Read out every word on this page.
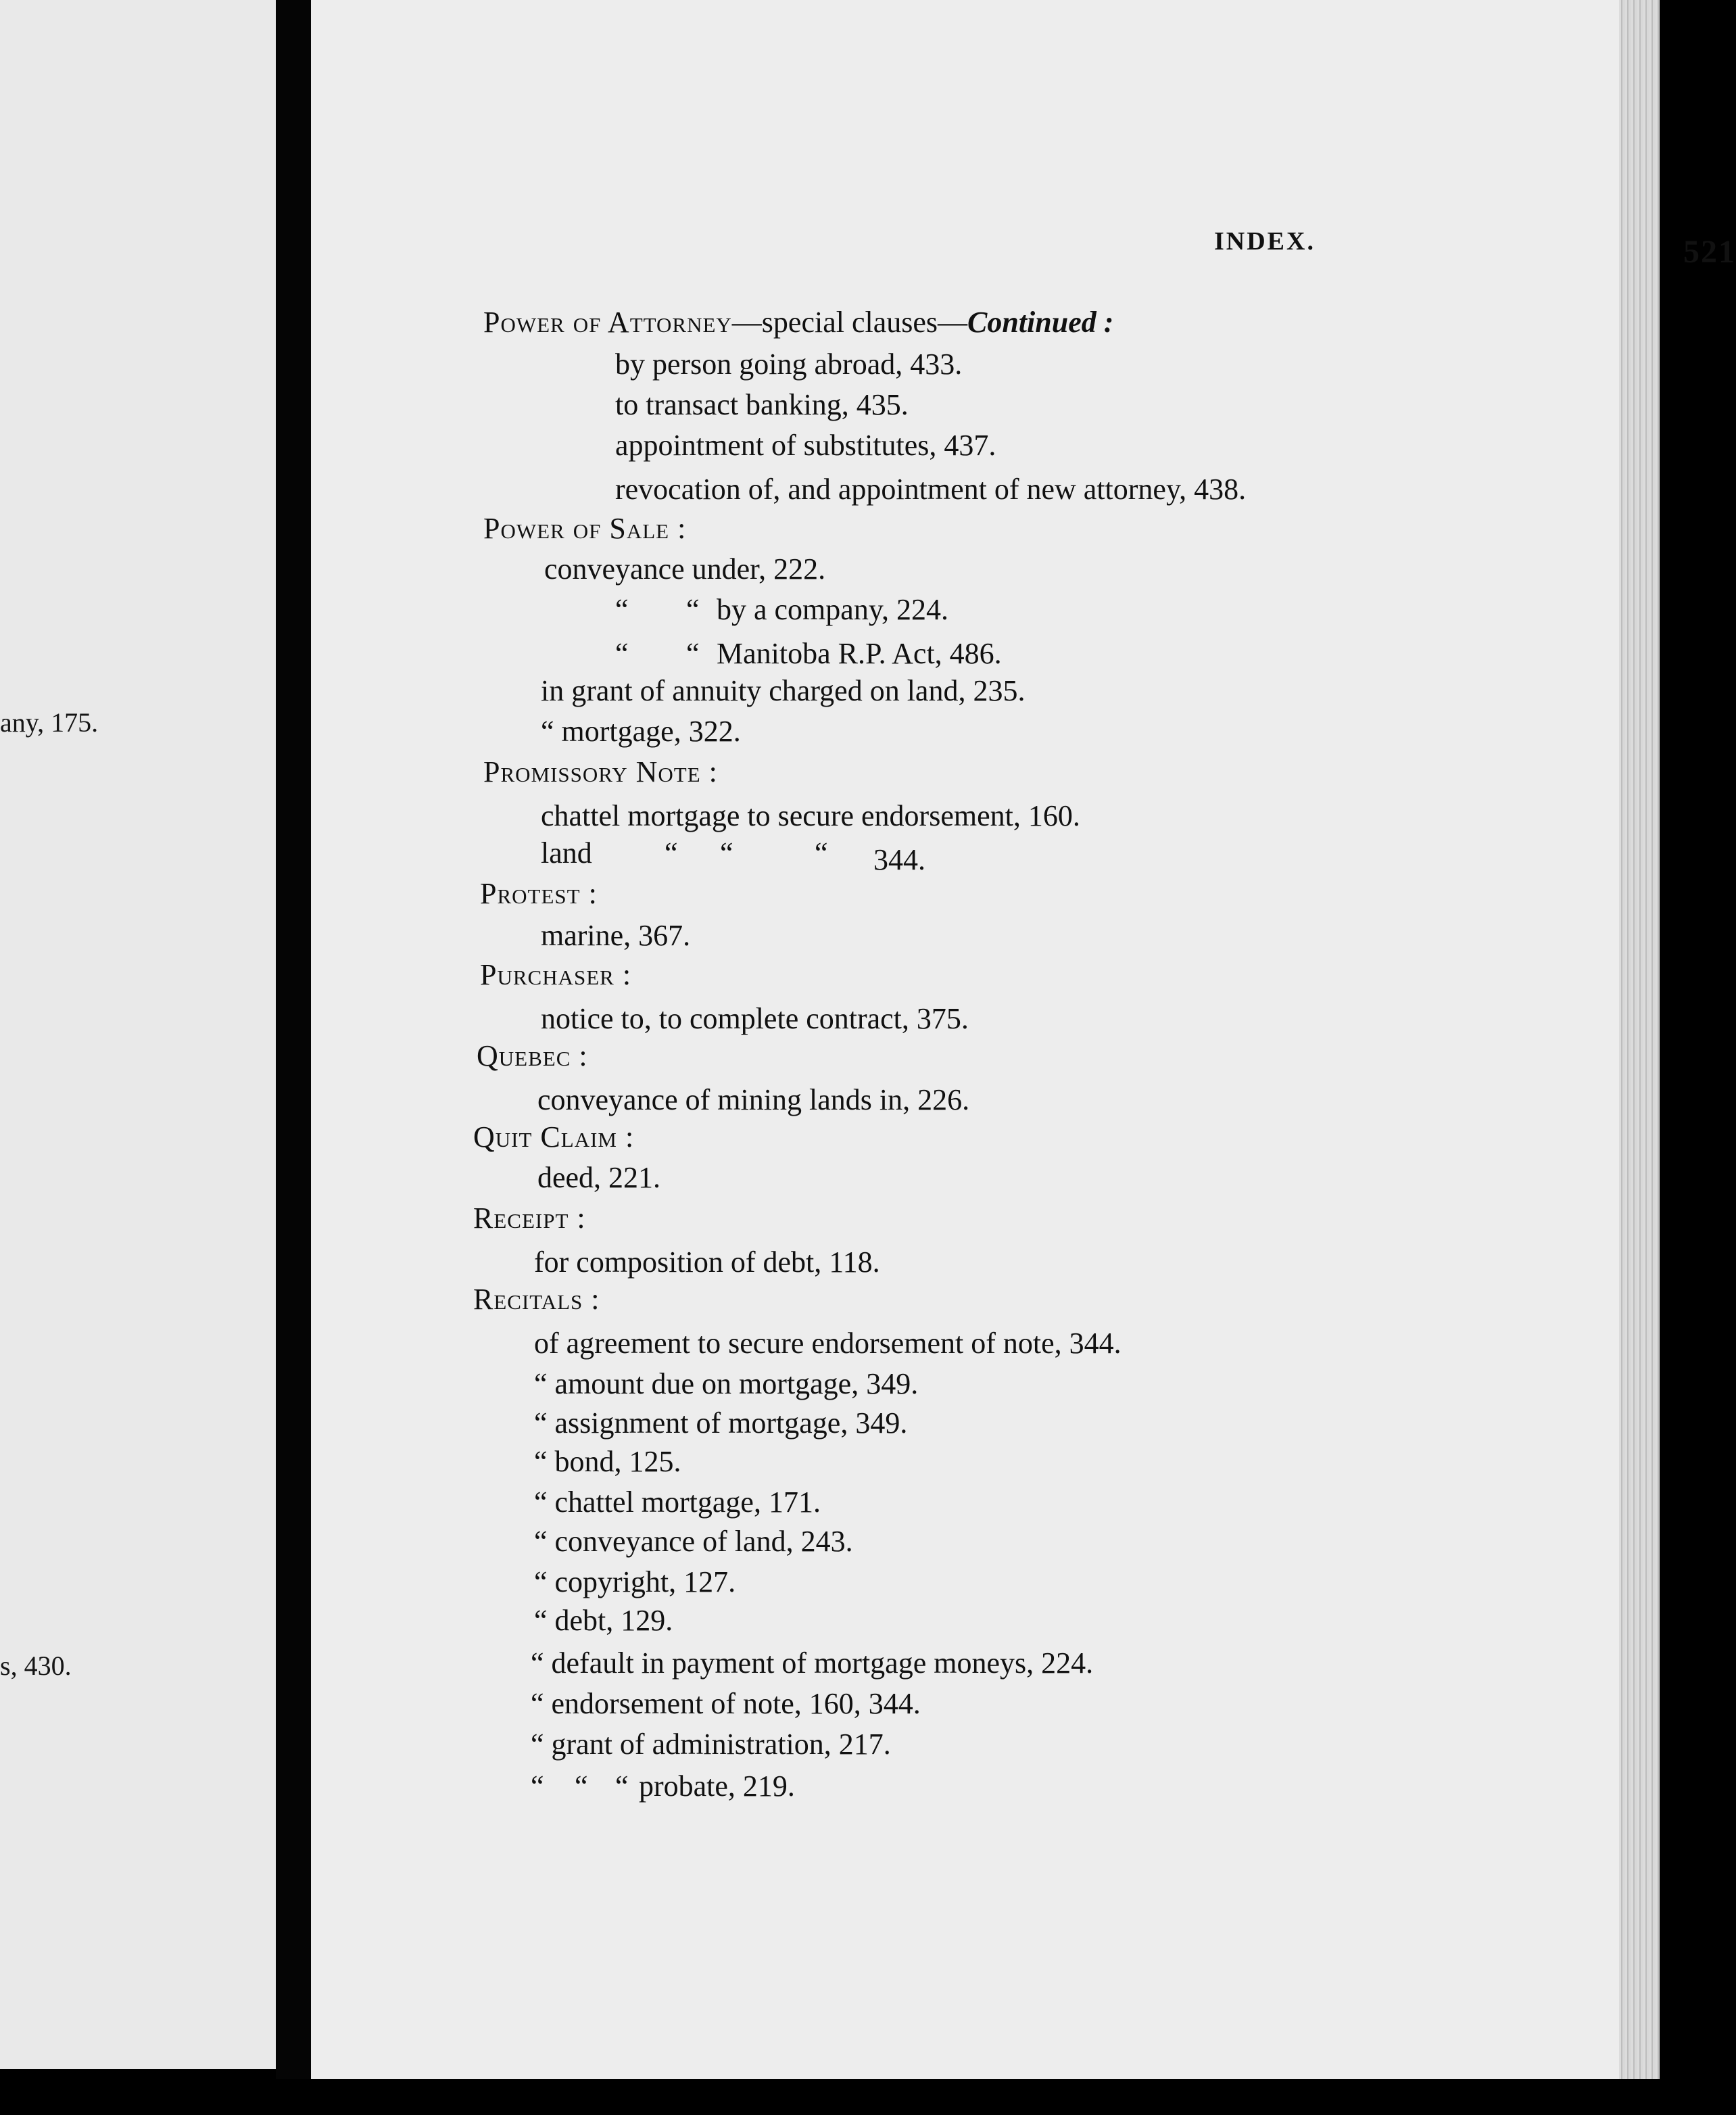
any, 175.
s, 430.
INDEX.	521
Power of Attorney—special clauses—Continued :
by person going abroad, 433.
to transact banking, 435.
appointment of substitutes, 437.
revocation of, and appointment of new attorney, 438.
Power of Sale :
conveyance under, 222.
“ “ by a company, 224.
“ “ Manitoba R.P. Act, 486.
in grant of annuity charged on land, 235.
“ mortgage, 322.
Promissory Note :
chattel mortgage to secure endorsement, 160.
land “ “	“ 344.
Protest :
marine, 367.
Purchaser :
notice to, to complete contract, 375.
Quebec :
conveyance of mining lands in, 226.
Quit Claim :
deed, 221.
Receipt :
for composition of debt, 118.
Recitals :
of agreement to secure endorsement of note, 344.
“ amount due on mortgage, 349.
“ assignment of mortgage, 349.
“ bond, 125.
“ chattel mortgage, 171.
“ conveyance of land, 243.
“ copyright, 127.
“ debt, 129.
“ default in payment of mortgage moneys, 224.
“ endorsement of note, 160, 344.
“ grant of administration, 217.
“ “ “ probate, 219.
